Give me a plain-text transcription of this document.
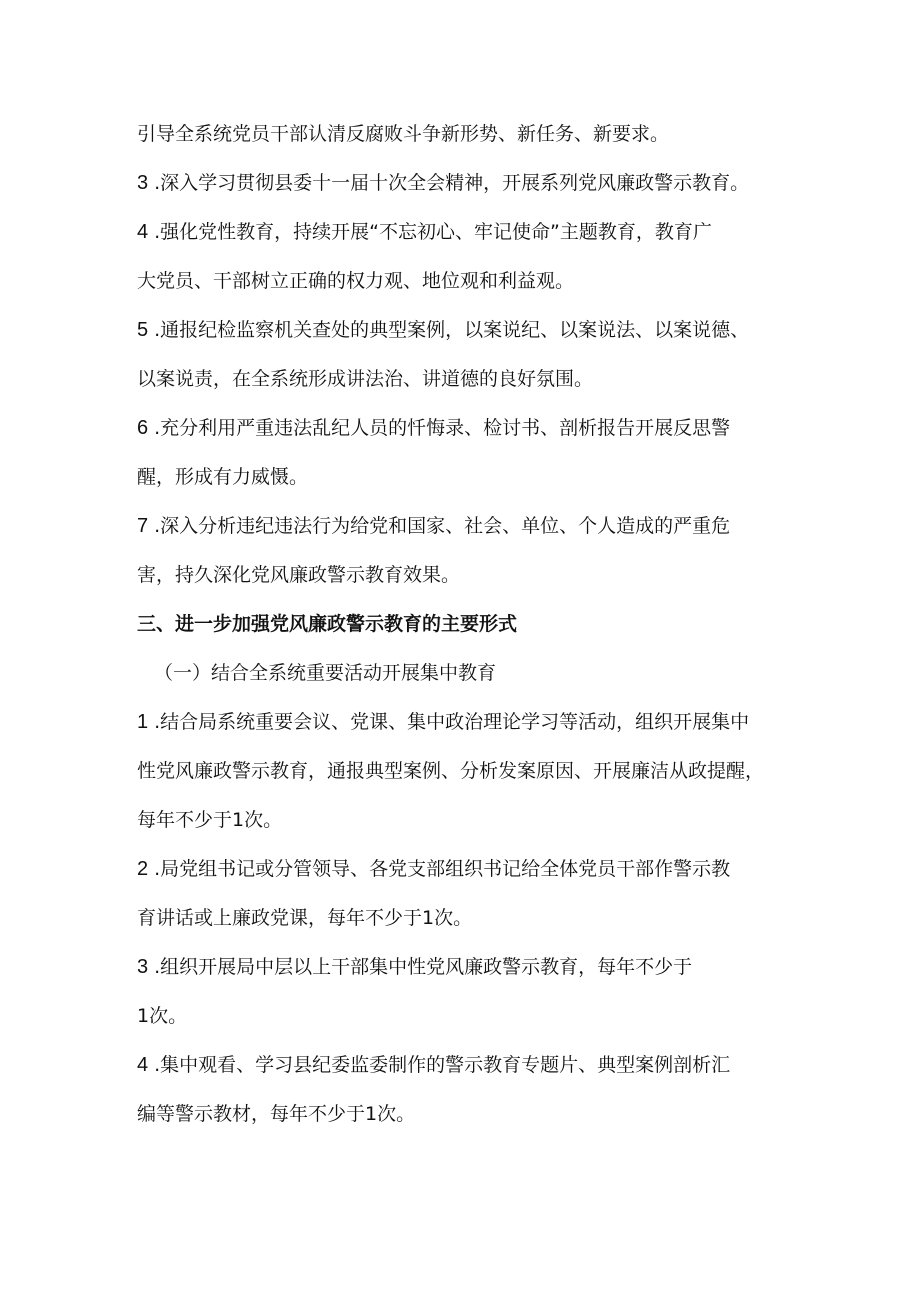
引导全系统党员干部认清反腐败斗争新形势、新任务、新要求。
3 .深入学习贯彻县委十一届十次全会精神，开展系列党风廉政警示教育。
4 .强化党性教育，持续开展“不忘初心、牢记使命”主题教育，教育广
大党员、干部树立正确的权力观、地位观和利益观。
5 .通报纪检监察机关查处的典型案例，以案说纪、以案说法、以案说德、
以案说责，在全系统形成讲法治、讲道德的良好氛围。
6 .充分利用严重违法乱纪人员的忏悔录、检讨书、剖析报告开展反思警
醒，形成有力威慑。
7 .深入分析违纪违法行为给党和国家、社会、单位、个人造成的严重危
害，持久深化党风廉政警示教育效果。
三、进一步加强党风廉政警示教育的主要形式
（一）结合全系统重要活动开展集中教育
1 .结合局系统重要会议、党课、集中政治理论学习等活动，组织开展集中
性党风廉政警示教育，通报典型案例、分析发案原因、开展廉洁从政提醒，
每年不少于1次。
2 .局党组书记或分管领导、各党支部组织书记给全体党员干部作警示教
育讲话或上廉政党课，每年不少于1次。
3 .组织开展局中层以上干部集中性党风廉政警示教育，每年不少于
1次。
4 .集中观看、学习县纪委监委制作的警示教育专题片、典型案例剖析汇
编等警示教材，每年不少于1次。
